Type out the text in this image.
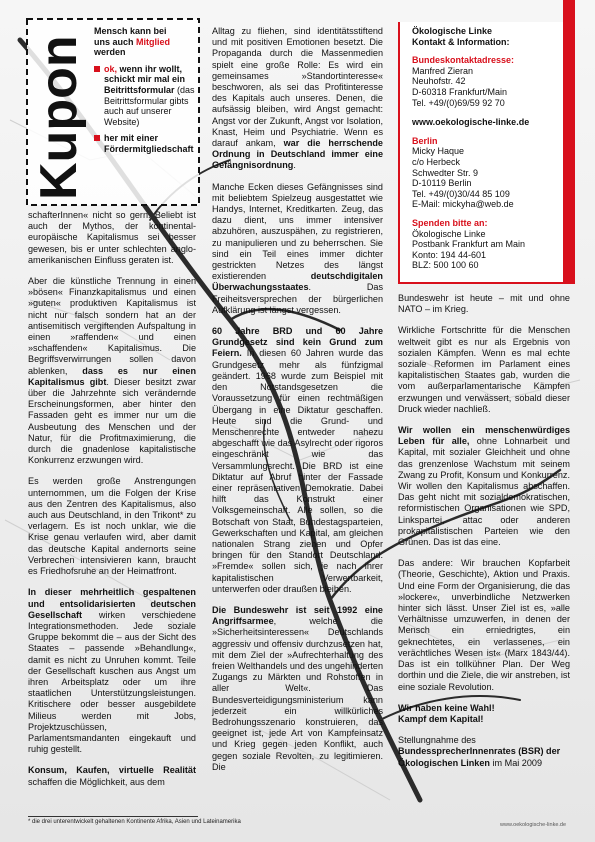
Kupon
Mensch kann bei
uns auch Mitglied
werden
ok, wenn ihr wollt, schickt mir mal ein Beitrittsformular (das Beitrittsformular gibts auch auf unserer Website)
her mit einer Fördermitgliedschaft
Ökologische Linke
Kontakt & Information:
Bundeskontaktadresse:
Manfred Zieran
Neuhofstr. 42
D-60318 Frankfurt/Main
Tel. +49/(0)69/59 92 70
www.oekologische-linke.de
Berlin
Micky Haque
c/o Herbeck
Schwedter Str. 9
D-10119 Berlin
Tel. +49/(0)30/44 85 109
E-Mail: mickyha@web.de
Spenden bitte an:
Ökologische Linke
Postbank Frankfurt am Main
Konto: 194 44-601
BLZ: 500 100 60

schafterInnen« nicht so gern. Beliebt ist auch der Mythos, der kontinental-europäische Kapitalismus sei besser gewesen, bis er unter schlechten anglo-amerikanischen Einfluss geraten ist.

Aber die künstliche Trennung in einen »bösen« Finanzkapitalismus und einen »guten« produktiven Kapitalismus ist nicht nur falsch sondern hat an der antisemitisch vergiftenden Aufspaltung in einen »raffenden« und einen »schaffenden« Kapitalismus. Die Begriffsverwirrungen sollen davon ablenken, dass es nur einen Kapitalismus gibt. Dieser besitzt zwar über die Jahrzehnte sich verändernde Erscheinungsformen, aber hinter den Fassaden geht es immer nur um die Ausbeutung des Menschen und der Natur, für die Profitmaximierung, die durch die gnadenlose kapitalistische Konkurrenz erzwungen wird.

Es werden große Anstrengungen unternommen, um die Folgen der Krise aus den Zentren des Kapitalismus, also auch aus Deutschland, in den Trikont* zu verlagern. Es ist noch unklar, wie die Krise genau verlaufen wird, aber damit das deutsche Kapital andernorts seine Verbrechen intensivieren kann, braucht es Friedhofsruhe an der Heimatfront.

In dieser mehrheitlich gespaltenen und entsolidarisierten deutschen Gesellschaft wirken verschiedene Integrationsmethoden. Jede soziale Gruppe bekommt die – aus der Sicht des Staates – passende »Behandlung«, damit es nicht zu Unruhen kommt. Teile der Gesellschaft kuschen aus Angst um ihren Arbeitsplatz oder um ihre staatlichen Unterstützungsleistungen. Kritischere oder besser ausgebildete Milieus werden mit Jobs, Projektzuschüssen, Parlamentsmandanten eingekauft und ruhig gestellt.

Konsum, Kaufen, virtuelle Realität schaffen die Möglichkeit, aus dem

Alltag zu fliehen, sind identitätsstiftend und mit positiven Emotionen besetzt. Die Propaganda durch die Massenmedien spielt eine große Rolle: Es wird ein gemeinsames »Standortinteresse« beschworen, als sei das Profitinteresse des Kapitals auch unseres. Denen, die aufsässig bleiben, wird Angst gemacht: Angst vor der Zukunft, Angst vor Isolation, Knast, Heim und Psychiatrie. Wenn es darauf ankam, war die herrschende Ordnung in Deutschland immer eine Gefängnisordnung.

Manche Ecken dieses Gefängnisses sind mit beliebtem Spielzeug ausgestattet wie Handys, Internet, Kreditkarten. Zeug, das dazu dient, uns immer intensiver abzuhören, auszuspähen, zu registrieren, zu manipulieren und zu beherrschen. Sie sind ein Teil eines immer dichter gestrickten Netzes des längst existierenden deutschdigitalen Überwachungsstaates. Das Freiheitsversprechen der bürgerlichen Aufklärung ist längst vergessen.

60 Jahre BRD und 60 Jahre Grundgesetz sind kein Grund zum Feiern. In diesen 60 Jahren wurde das Grundgesetz mehr als fünfzigmal geändert. 1968 wurde zum Beispiel mit den Notstandsgesetzen die Voraussetzung für einen rechtmäßigen Übergang in eine Diktatur geschaffen. Heute sind die Grund- und Menschenrechte entweder nahezu abgeschafft wie das Asylrecht oder rigoros eingeschränkt wie das Versammlungsrecht. Die BRD ist eine Diktatur auf Abruf hinter der Fassade einer repräsentativen Demokratie. Dabei hilft das Konstrukt einer Volksgemeinschaft. Alle sollen, so die Botschaft von Staat, Bundestagsparteien, Gewerkschaften und Kapital, am gleichen nationalen Strang ziehen und Opfer bringen für den Standort Deutschland. »Fremde« sollen sich, je nach ihrer kapitalistischen Verwertbarkeit, unterwerfen oder draußen bleiben.

Die Bundeswehr ist seit 1992 eine Angriffsarmee, welche die »Sicherheitsinteressen« Deutschlands aggressiv und offensiv durchzusetzen hat, mit dem Ziel der »Aufrechterhaltung des freien Welthandels und des ungehinderten Zugangs zu Märkten und Rohstoffen in aller Welt«. Das Bundesverteidigungsministerium kann jederzeit ein willkürliches Bedrohungsszenario konstruieren, das geeignet ist, jede Art von Kampfeinsatz und Krieg gegen jeden Konflikt, auch gegen soziale Revolten, zu legitimieren. Die

Bundeswehr ist heute – mit und ohne NATO – im Krieg.

Wirkliche Fortschritte für die Menschen weltweit gibt es nur als Ergebnis von sozialen Kämpfen. Wenn es mal echte soziale Reformen im Parlament eines kapitalistischen Staates gab, wurden die vom außerparlamentarische Kämpfen erzwungen und verwässert, sobald dieser Druck wieder nachließ.

Wir wollen ein menschenwürdiges Leben für alle, ohne Lohnarbeit und Kapital, mit sozialer Gleichheit und ohne das grenzenlose Wachstum mit seinem Zwang zu Profit, Konsum und Konkurrenz. Wir wollen den Kapitalismus abschaffen. Das geht nicht mit sozialdemokratischen, reformistischen Organisationen wie SPD, Linkspartei, attac oder anderen prokapitalistischen Parteien wie den Grünen. Das ist das eine.

Das andere: Wir brauchen Kopfarbeit (Theorie, Geschichte), Aktion und Praxis. Und eine Form der Organisierung, die das »lockere«, unverbindliche Netzwerken hinter sich lässt. Unser Ziel ist es, »alle Verhältnisse umzuwerfen, in denen der Mensch ein erniedrigtes, ein geknechtetes, ein verlassenes, ein verächtliches Wesen ist« (Marx 1843/44). Das ist ein tollkühner Plan. Der Weg dorthin und die Ziele, die wir anstreben, ist eine soziale Revolution.

Wir haben keine Wahl!
Kampf dem Kapital!

Stellungnahme des
BundessprecherInnenrates (BSR) der Ökologischen Linken im Mai 2009

* die drei unterentwickelt gehaltenen Kontinente Afrika, Asien und Lateinamerika	www.oekologische-linke.de
